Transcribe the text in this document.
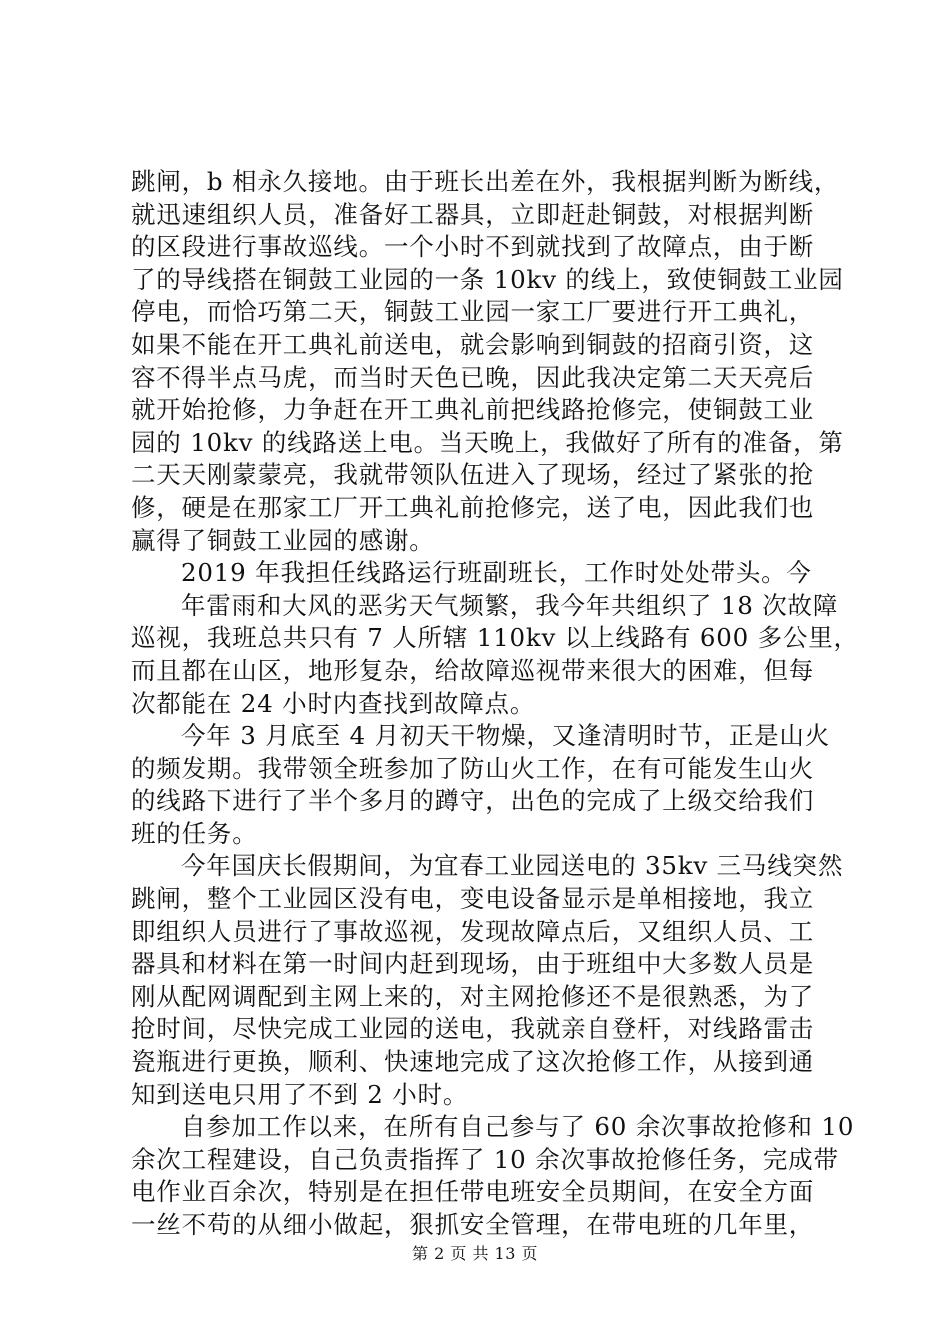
跳闸，b 相永久接地。由于班长出差在外，我根据判断为断线，
就迅速组织人员，准备好工器具，立即赶赴铜鼓，对根据判断
的区段进行事故巡线。一个小时不到就找到了故障点，由于断
了的导线搭在铜鼓工业园的一条 10kv 的线上，致使铜鼓工业园
停电，而恰巧第二天，铜鼓工业园一家工厂要进行开工典礼，
如果不能在开工典礼前送电，就会影响到铜鼓的招商引资，这
容不得半点马虎，而当时天色已晚，因此我决定第二天天亮后
就开始抢修，力争赶在开工典礼前把线路抢修完，使铜鼓工业
园的 10kv 的线路送上电。当天晚上，我做好了所有的准备，第
二天天刚蒙蒙亮，我就带领队伍进入了现场，经过了紧张的抢
修，硬是在那家工厂开工典礼前抢修完，送了电，因此我们也
赢得了铜鼓工业园的感谢。
2019 年我担任线路运行班副班长，工作时处处带头。今
年雷雨和大风的恶劣天气频繁，我今年共组织了 18 次故障
巡视，我班总共只有 7 人所辖 110kv 以上线路有 600 多公里，
而且都在山区，地形复杂，给故障巡视带来很大的困难，但每
次都能在 24 小时内查找到故障点。
今年 3 月底至 4 月初天干物燥，又逢清明时节，正是山火
的频发期。我带领全班参加了防山火工作，在有可能发生山火
的线路下进行了半个多月的蹲守，出色的完成了上级交给我们
班的任务。
今年国庆长假期间，为宜春工业园送电的 35kv 三马线突然
跳闸，整个工业园区没有电，变电设备显示是单相接地，我立
即组织人员进行了事故巡视，发现故障点后，又组织人员、工
器具和材料在第一时间内赶到现场，由于班组中大多数人员是
刚从配网调配到主网上来的，对主网抢修还不是很熟悉，为了
抢时间，尽快完成工业园的送电，我就亲自登杆，对线路雷击
瓷瓶进行更换，顺利、快速地完成了这次抢修工作，从接到通
知到送电只用了不到 2 小时。
自参加工作以来，在所有自己参与了 60 余次事故抢修和 10
余次工程建设，自己负责指挥了 10 余次事故抢修任务，完成带
电作业百余次，特别是在担任带电班安全员期间，在安全方面
一丝不苟的从细小做起，狠抓安全管理，在带电班的几年里，
第 2 页 共 13 页
